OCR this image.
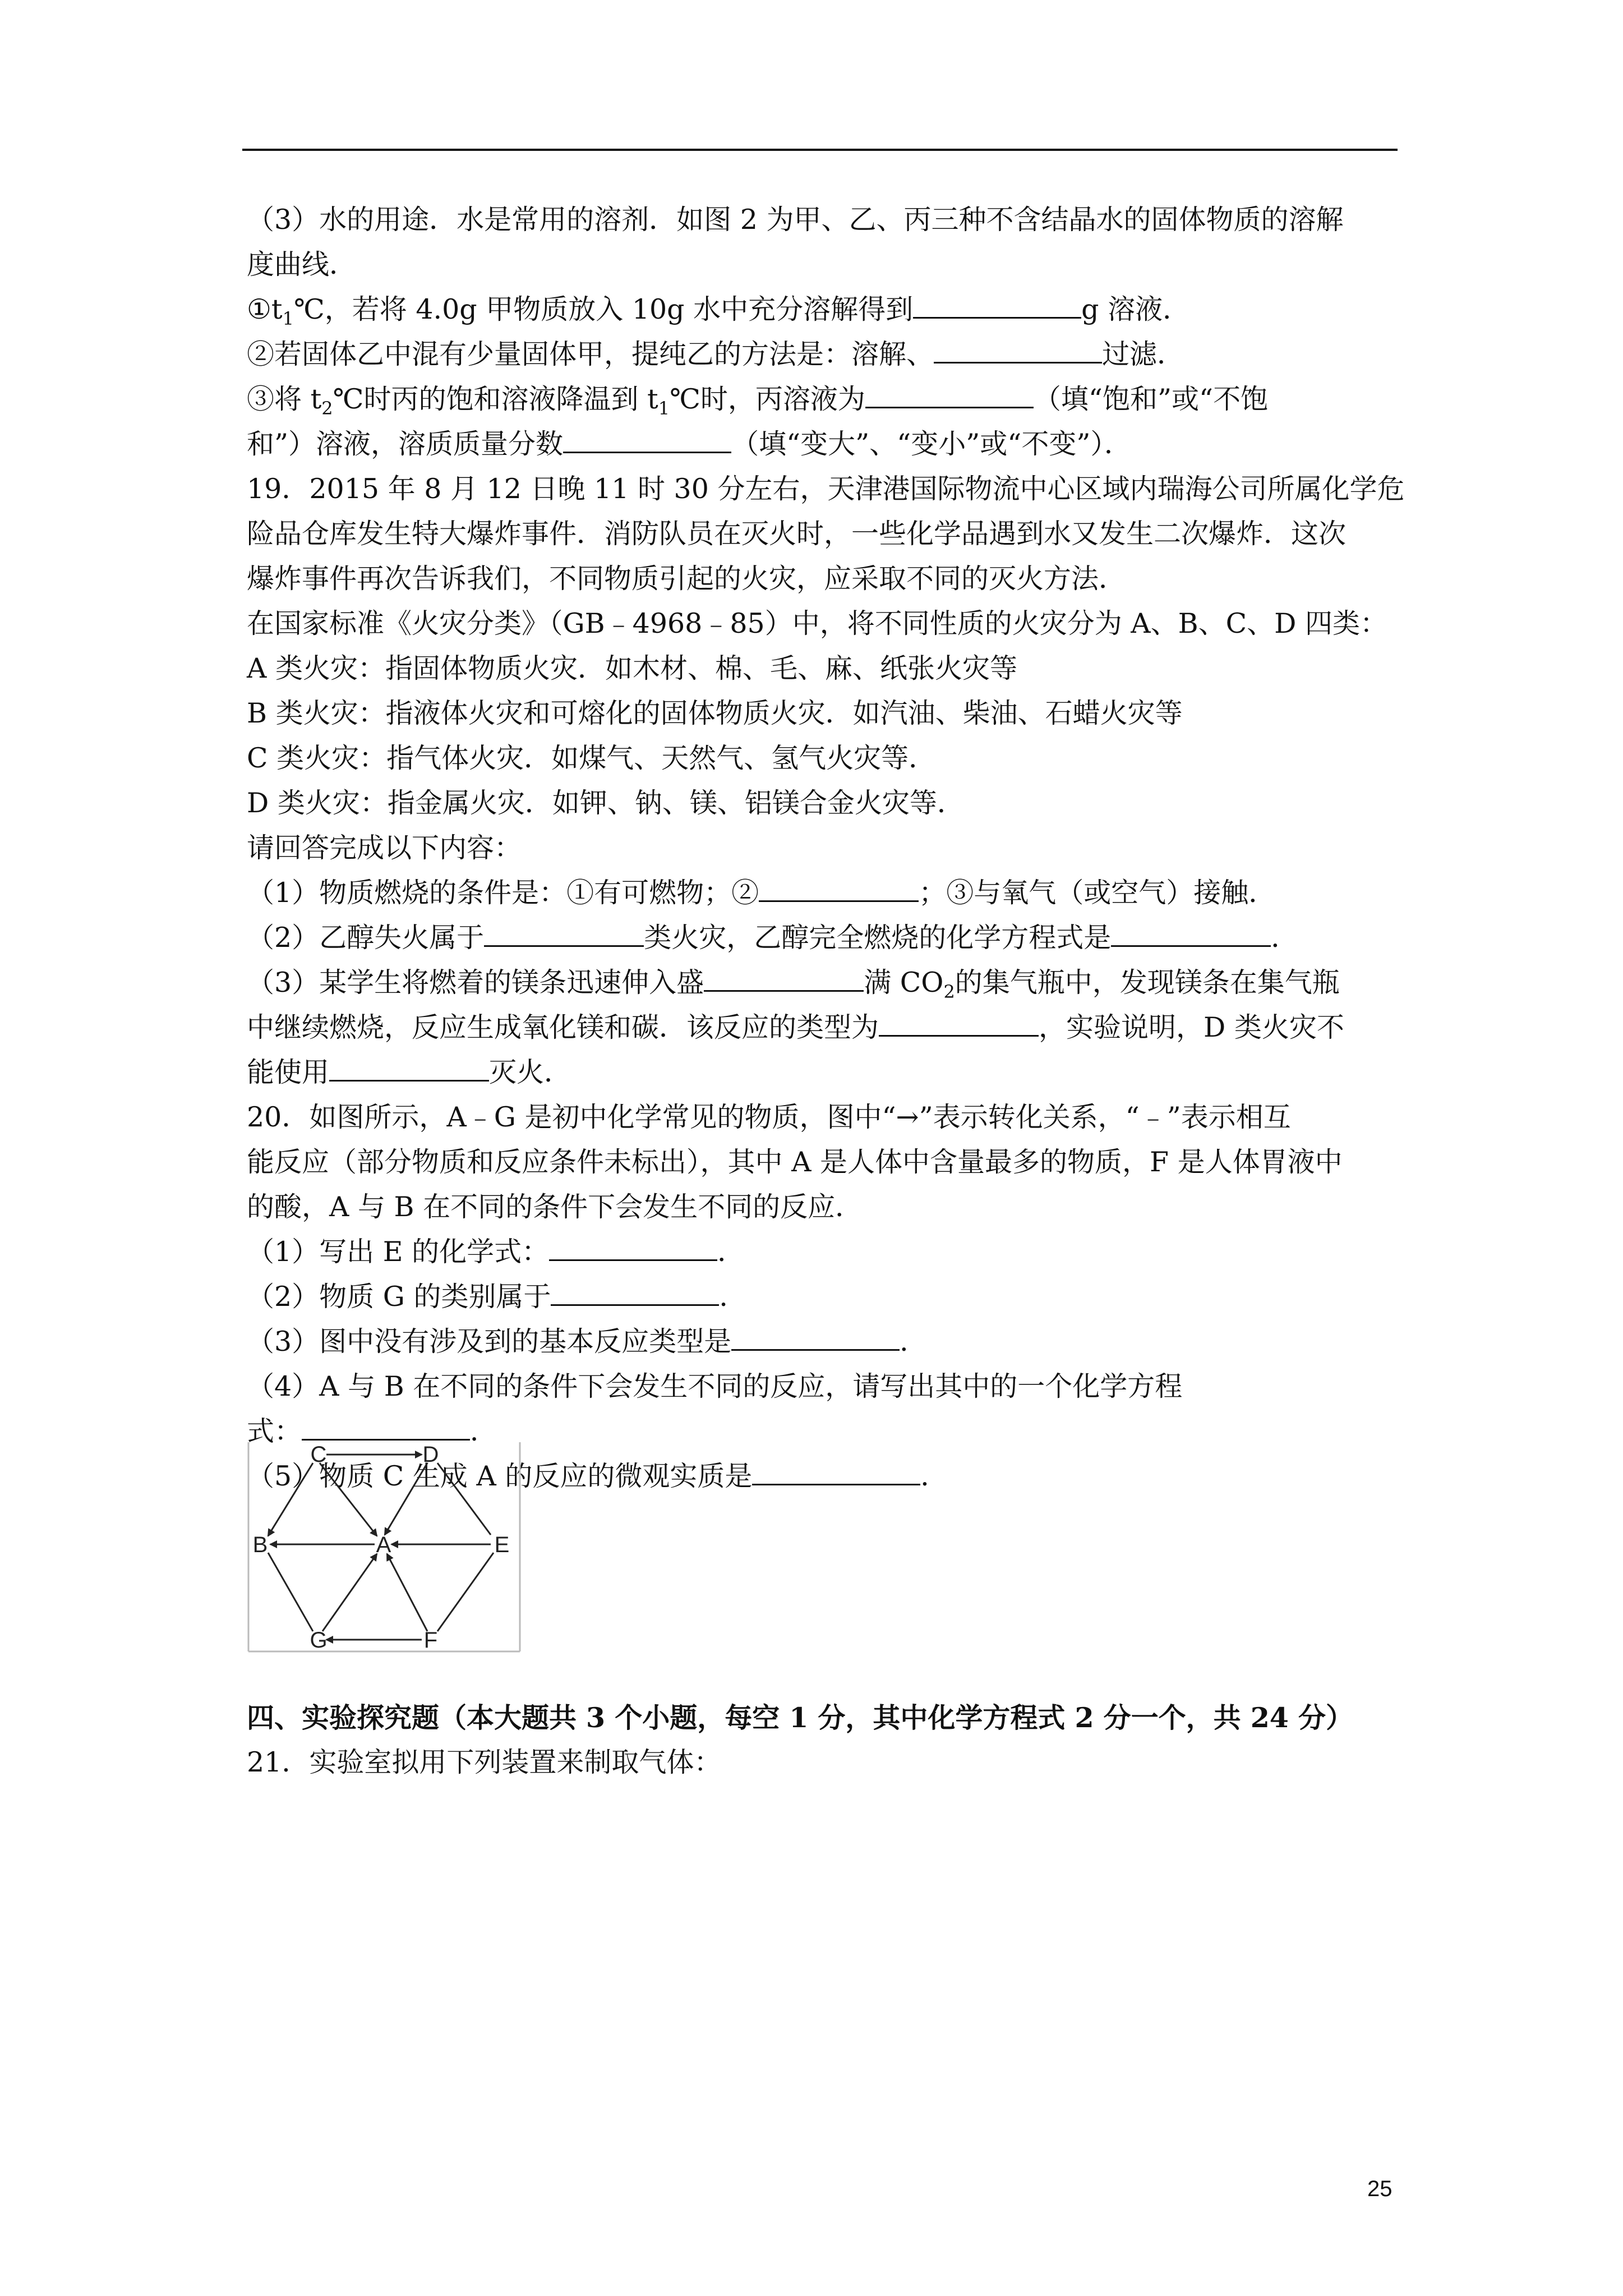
（3）水的用途．水是常用的溶剂．如图 2 为甲、乙、丙三种不含结晶水的固体物质的溶解
度曲线．
$①t_1℃$，若将 4.0g 甲物质放入 10g 水中充分溶解得到	g 溶液．
②若固体乙中混有少量固体甲，提纯乙的方法是：溶解、	过滤．
③将 $t_2℃$时丙的饱和溶液降温到 $t_1℃$时，丙溶液为	（填“饱和”或“不饱
和”）溶液，溶质质量分数	（填“变大”、“变小”或“不变”）．
19．2015 年 8 月 12 日晚 11 时 30 分左右，天津港国际物流中心区域内瑞海公司所属化学危
险品仓库发生特大爆炸事件．消防队员在灭火时，一些化学品遇到水又发生二次爆炸．这次
爆炸事件再次告诉我们，不同物质引起的火灾，应采取不同的灭火方法．
在国家标准《火灾分类》（GB﹣4968﹣85）中，将不同性质的火灾分为 A、B、C、D 四类：
A 类火灾：指固体物质火灾．如木材、棉、毛、麻、纸张火灾等
B 类火灾：指液体火灾和可熔化的固体物质火灾．如汽油、柴油、石蜡火灾等
C 类火灾：指气体火灾．如煤气、天然气、氢气火灾等．
D 类火灾：指金属火灾．如钾、钠、镁、铝镁合金火灾等．
请回答完成以下内容：
（1）物质燃烧的条件是：①有可燃物；②	；③与氧气（或空气）接触．
（2）乙醇失火属于	类火灾，乙醇完全燃烧的化学方程式是	．
（3）某学生将燃着的镁条迅速伸入盛	满 $CO_2$的集气瓶中，发现镁条在集气瓶
中继续燃烧，反应生成氧化镁和碳．该反应的类型为	，实验说明，D 类火灾不
能使用	灭火．
20．如图所示，A﹣G 是初中化学常见的物质，图中“→”表示转化关系，“﹣”表示相互
能反应（部分物质和反应条件未标出），其中 A 是人体中含量最多的物质，F 是人体胃液中
的酸，A 与 B 在不同的条件下会发生不同的反应．
（1）写出 E 的化学式：	．
（2）物质 G 的类别属于	．
（3）图中没有涉及到的基本反应类型是	．
（4）A 与 B 在不同的条件下会发生不同的反应，请写出其中的一个化学方程
式：	．
（5）物质 C 生成 A 的反应的微观实质是	．
C	D
B	A	E
G	F
四、实验探究题（本大题共 3 个小题，每空 1 分，其中化学方程式 2 分一个，共 24 分）
21．实验室拟用下列装置来制取气体：
25
